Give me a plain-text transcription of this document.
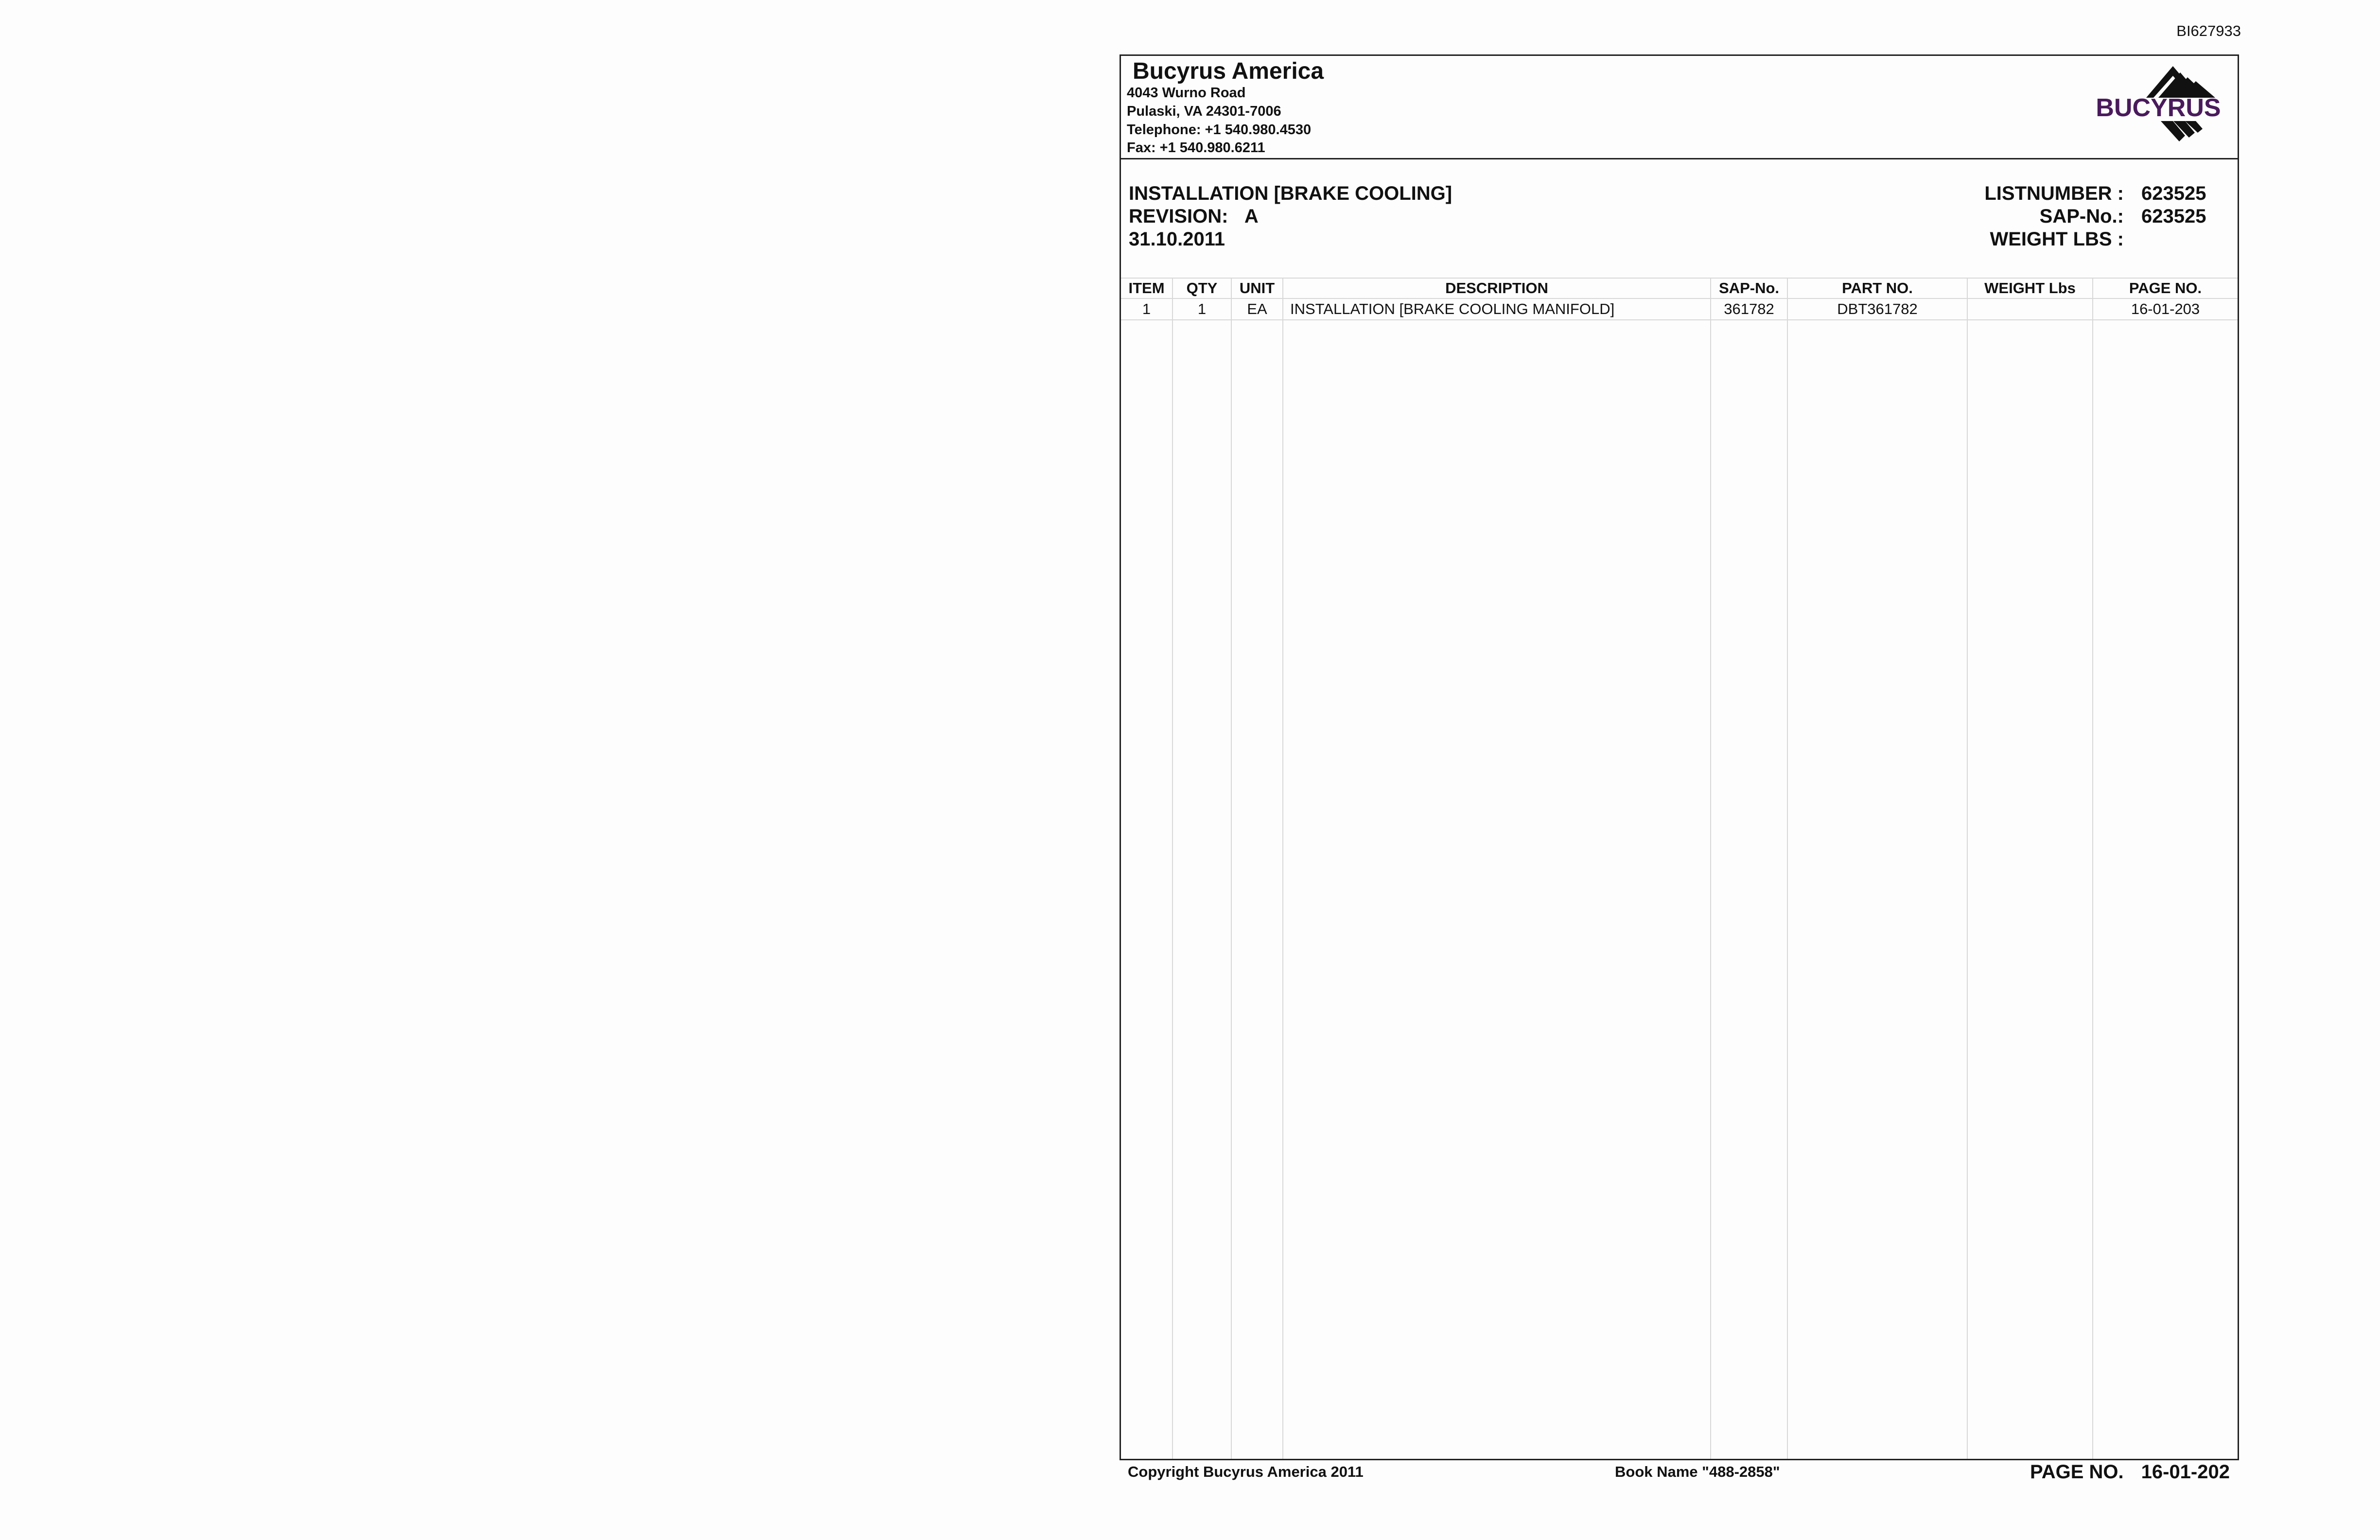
BI627933
Bucyrus America
4043 Wurno Road
Pulaski, VA 24301-7006
Telephone: +1 540.980.4530
Fax: +1 540.980.6211
BUCYRUS
INSTALLATION [BRAKE COOLING]
REVISION: A
31.10.2011
LISTNUMBER : 623525
SAP-No.: 623525
WEIGHT LBS :
ITEM	QTY	UNIT	DESCRIPTION	SAP-No.	PART NO.	WEIGHT Lbs	PAGE NO.
1	1	EA	INSTALLATION [BRAKE COOLING MANIFOLD]	361782	DBT361782		16-01-203

Copyright Bucyrus America 2011	Book Name "488-2858"	PAGE NO. 16-01-202
